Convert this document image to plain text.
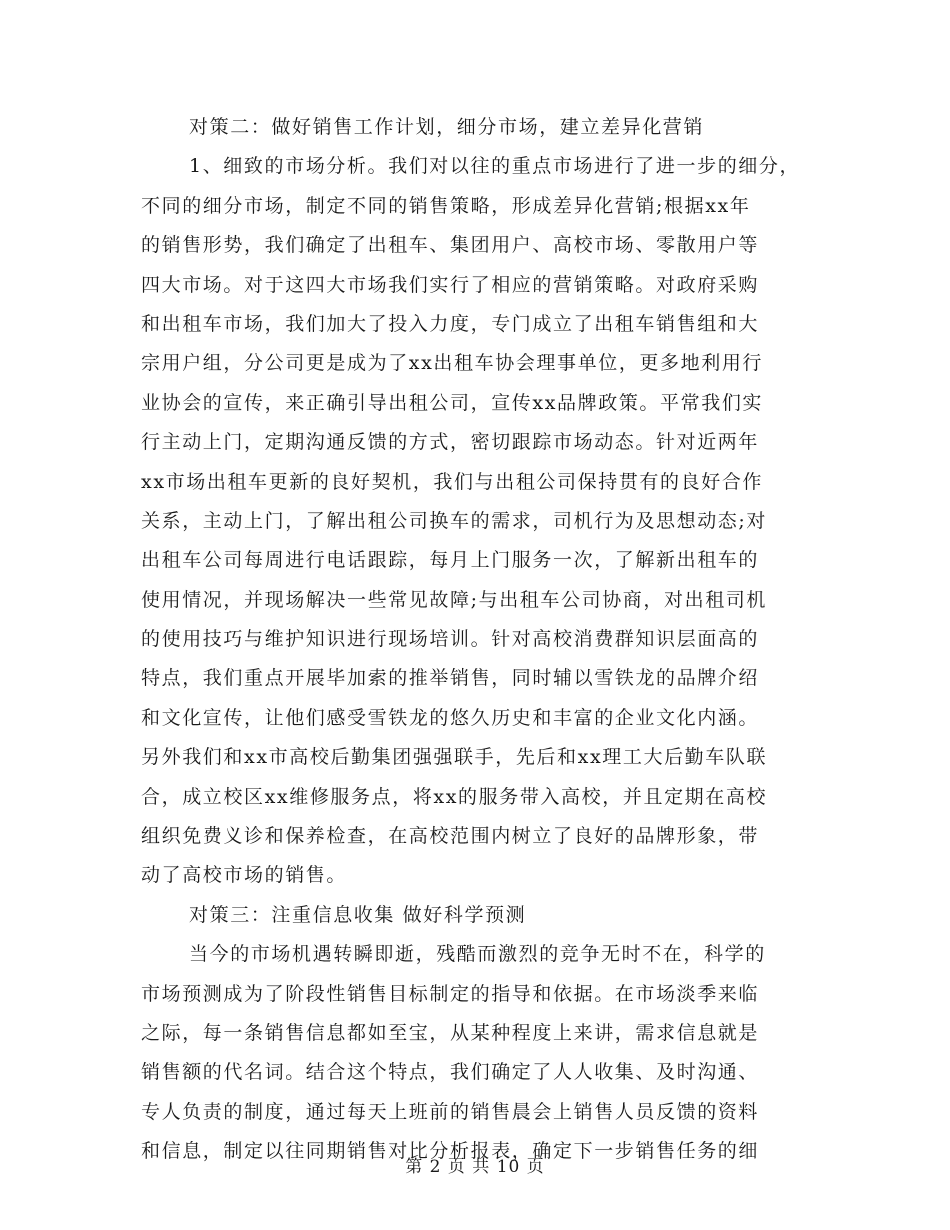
对策二：做好销售工作计划，细分市场，建立差异化营销
1、细致的市场分析。我们对以往的重点市场进行了进一步的细分，
不同的细分市场，制定不同的销售策略，形成差异化营销;根据xx年
的销售形势，我们确定了出租车、集团用户、高校市场、零散用户等
四大市场。对于这四大市场我们实行了相应的营销策略。对政府采购
和出租车市场，我们加大了投入力度，专门成立了出租车销售组和大
宗用户组，分公司更是成为了xx出租车协会理事单位，更多地利用行
业协会的宣传，来正确引导出租公司，宣传xx品牌政策。平常我们实
行主动上门，定期沟通反馈的方式，密切跟踪市场动态。针对近两年
xx市场出租车更新的良好契机，我们与出租公司保持贯有的良好合作
关系，主动上门，了解出租公司换车的需求，司机行为及思想动态;对
出租车公司每周进行电话跟踪，每月上门服务一次，了解新出租车的
使用情况，并现场解决一些常见故障;与出租车公司协商，对出租司机
的使用技巧与维护知识进行现场培训。针对高校消费群知识层面高的
特点，我们重点开展毕加索的推举销售，同时辅以雪铁龙的品牌介绍
和文化宣传，让他们感受雪铁龙的悠久历史和丰富的企业文化内涵。
另外我们和xx市高校后勤集团强强联手，先后和xx理工大后勤车队联
合，成立校区xx维修服务点，将xx的服务带入高校，并且定期在高校
组织免费义诊和保养检查，在高校范围内树立了良好的品牌形象，带
动了高校市场的销售。
对策三：注重信息收集 做好科学预测
当今的市场机遇转瞬即逝，残酷而激烈的竞争无时不在，科学的
市场预测成为了阶段性销售目标制定的指导和依据。在市场淡季来临
之际，每一条销售信息都如至宝，从某种程度上来讲，需求信息就是
销售额的代名词。结合这个特点，我们确定了人人收集、及时沟通、
专人负责的制度，通过每天上班前的销售晨会上销售人员反馈的资料
和信息，制定以往同期销售对比分析报表，确定下一步销售任务的细
第 2 页 共 10 页
